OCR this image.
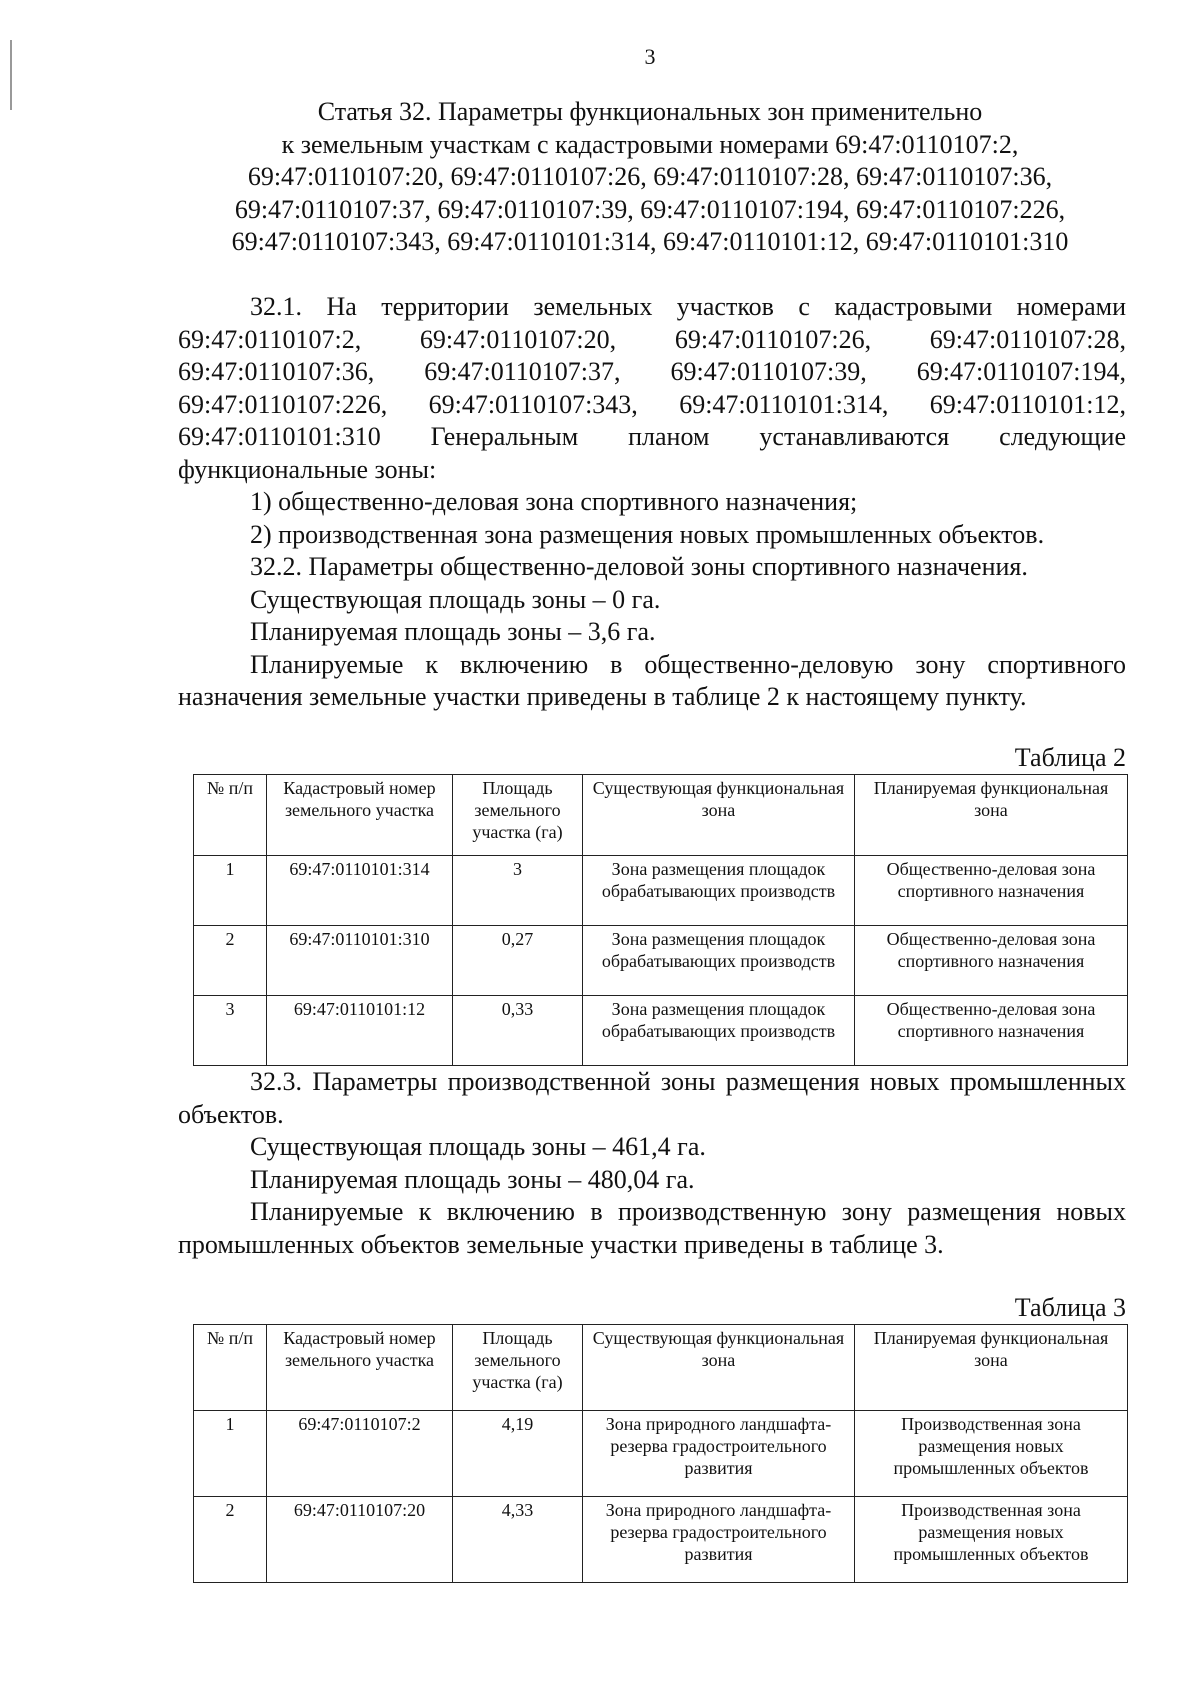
3
Статья 32. Параметры функциональных зон применительно
к земельным участкам с кадастровыми номерами 69:47:0110107:2,
69:47:0110107:20, 69:47:0110107:26, 69:47:0110107:28, 69:47:0110107:36,
69:47:0110107:37, 69:47:0110107:39, 69:47:0110107:194, 69:47:0110107:226,
69:47:0110107:343, 69:47:0110101:314, 69:47:0110101:12, 69:47:0110101:310

32.1. На территории земельных участков с кадастровыми номерами 69:47:0110107:2, 69:47:0110107:20, 69:47:0110107:26, 69:47:0110107:28, 69:47:0110107:36, 69:47:0110107:37, 69:47:0110107:39, 69:47:0110107:194, 69:47:0110107:226, 69:47:0110107:343, 69:47:0110101:314, 69:47:0110101:12, 69:47:0110101:310 Генеральным планом устанавливаются следующие функциональные зоны:

1) общественно-деловая зона спортивного назначения;

2) производственная зона размещения новых промышленных объектов.

32.2. Параметры общественно-деловой зоны спортивного назначения.

Существующая площадь зоны – 0 га.

Планируемая площадь зоны – 3,6 га.

Планируемые к включению в общественно-деловую зону спортивного назначения земельные участки приведены в таблице 2 к настоящему пункту.

Таблица 2
№ п/п	Кадастровый номер земельного участка	Площадь земельного участка (га)	Существующая функциональная зона	Планируемая функциональная зона
1	69:47:0110101:314	3	Зона размещения площадок обрабатывающих производств	Общественно-деловая зона спортивного назначения
2	69:47:0110101:310	0,27	Зона размещения площадок обрабатывающих производств	Общественно-деловая зона спортивного назначения
3	69:47:0110101:12	0,33	Зона размещения площадок обрабатывающих производств	Общественно-деловая зона спортивного назначения

32.3. Параметры производственной зоны размещения новых промышленных объектов.

Существующая площадь зоны – 461,4 га.

Планируемая площадь зоны – 480,04 га.

Планируемые к включению в производственную зону размещения новых промышленных объектов земельные участки приведены в таблице 3.

Таблица 3
№ п/п	Кадастровый номер земельного участка	Площадь земельного участка (га)	Существующая функциональная зона	Планируемая функциональная зона
1	69:47:0110107:2	4,19	Зона природного ландшафта-резерва градостроительного развития	Производственная зона размещения новых промышленных объектов
2	69:47:0110107:20	4,33	Зона природного ландшафта-резерва градостроительного развития	Производственная зона размещения новых промышленных объектов
